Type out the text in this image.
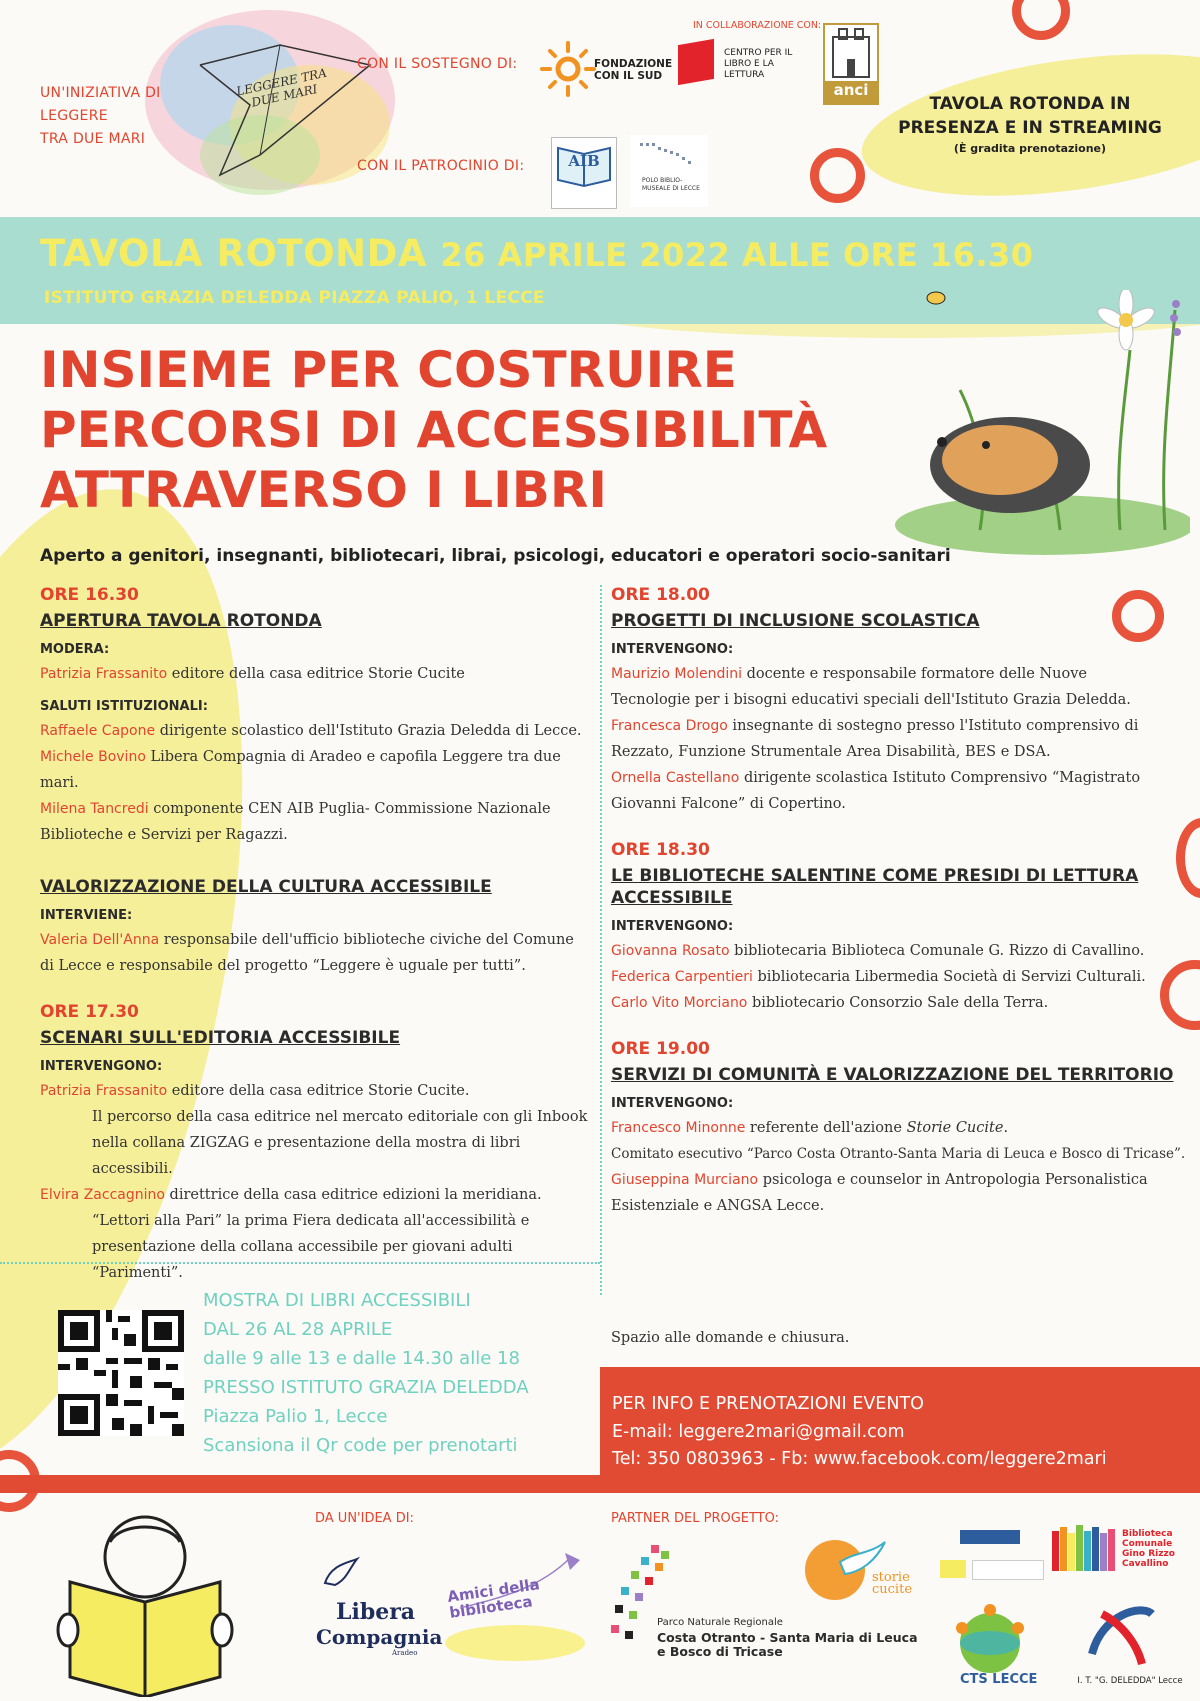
LEGGERE TRA DUE MARI
UN'INIZIATIVA DI
LEGGERE
TRA DUE MARI
CON IL SOSTEGNO DI:	FONDAZIONE CON IL SUD
IN COLLABORAZIONE CON:
CENTRO PER IL LIBRO E LA LETTURA
anci
TAVOLA ROTONDA IN
PRESENZA E IN STREAMING
(È gradita prenotazione)
CON IL PATROCINIO DI:	AIB
POLO BIBLIO-MUSEALE DI LECCE
TAVOLA ROTONDA 26 APRILE 2022 ALLE ORE 16.30
ISTITUTO GRAZIA DELEDDA PIAZZA PALIO, 1 LECCE
INSIEME PER COSTRUIRE
PERCORSI DI ACCESSIBILITÀ
ATTRAVERSO I LIBRI
Aperto a genitori, insegnanti, bibliotecari, librai, psicologi, educatori e operatori socio-sanitari

ORE 16.30

APERTURA TAVOLA ROTONDA

MODERA:

Patrizia Frassanito editore della casa editrice Storie Cucite

SALUTI ISTITUZIONALI:

Raffaele Capone dirigente scolastico dell'Istituto Grazia Deledda di Lecce.

Michele Bovino Libera Compagnia di Aradeo e capofila Leggere tra due mari.

Milena Tancredi componente CEN AIB Puglia- Commissione Nazionale

Biblioteche e Servizi per Ragazzi.

VALORIZZAZIONE DELLA CULTURA ACCESSIBILE

INTERVIENE:

Valeria Dell'Anna responsabile dell'ufficio biblioteche civiche del Comune

di Lecce e responsabile del progetto “Leggere è uguale per tutti”.

ORE 17.30

SCENARI SULL'EDITORIA ACCESSIBILE

INTERVENGONO:

Patrizia Frassanito editore della casa editrice Storie Cucite.

Il percorso della casa editrice nel mercato editoriale con gli Inbook

nella collana ZIGZAG e presentazione della mostra di libri accessibili.

Elvira Zaccagnino direttrice della casa editrice edizioni la meridiana.

“Lettori alla Pari” la prima Fiera dedicata all'accessibilità e

presentazione della collana accessibile per giovani adulti “Parimenti”.

ORE 18.00

PROGETTI DI INCLUSIONE SCOLASTICA

INTERVENGONO:

Maurizio Molendini docente e responsabile formatore delle Nuove

Tecnologie per i bisogni educativi speciali dell'Istituto Grazia Deledda.

Francesca Drogo insegnante di sostegno presso l'Istituto comprensivo di

Rezzato, Funzione Strumentale Area Disabilità, BES e DSA.

Ornella Castellano dirigente scolastica Istituto Comprensivo “Magistrato

Giovanni Falcone” di Copertino.

ORE 18.30

LE BIBLIOTECHE SALENTINE COME PRESIDI DI LETTURA
ACCESSIBILE

INTERVENGONO:

Giovanna Rosato bibliotecaria Biblioteca Comunale G. Rizzo di Cavallino.

Federica Carpentieri bibliotecaria Libermedia Società di Servizi Culturali.

Carlo Vito Morciano bibliotecario Consorzio Sale della Terra.

ORE 19.00

SERVIZI DI COMUNITÀ E VALORIZZAZIONE DEL TERRITORIO

INTERVENGONO:

Francesco Minonne referente dell'azione Storie Cucite.

Comitato esecutivo “Parco Costa Otranto-Santa Maria di Leuca e Bosco di Tricase”.

Giuseppina Murciano psicologa e counselor in Antropologia Personalistica

Esistenziale e ANGSA Lecce.

Spazio alle domande e chiusura.
MOSTRA DI LIBRI ACCESSIBILI
DAL 26 AL 28 APRILE
dalle 9 alle 13 e dalle 14.30 alle 18
PRESSO ISTITUTO GRAZIA DELEDDA
Piazza Palio 1, Lecce
Scansiona il Qr code per prenotarti
PER INFO E PRENOTAZIONI EVENTO
E-mail: leggere2mari@gmail.com
Tel: 350 0803963 - Fb: www.facebook.com/leggere2mari
DA UN'IDEA DI:	PARTNER DEL PROGETTO:
Libera
Compagnia
Aradeo
Amici della biblioteca
Parco Naturale Regionale
Costa Otranto - Santa Maria di Leuca
e Bosco di Tricase
storie cucite
Biblioteca Comunale Gino Rizzo Cavallino
CTS LECCE	I. T. "G. DELEDDA" Lecce
